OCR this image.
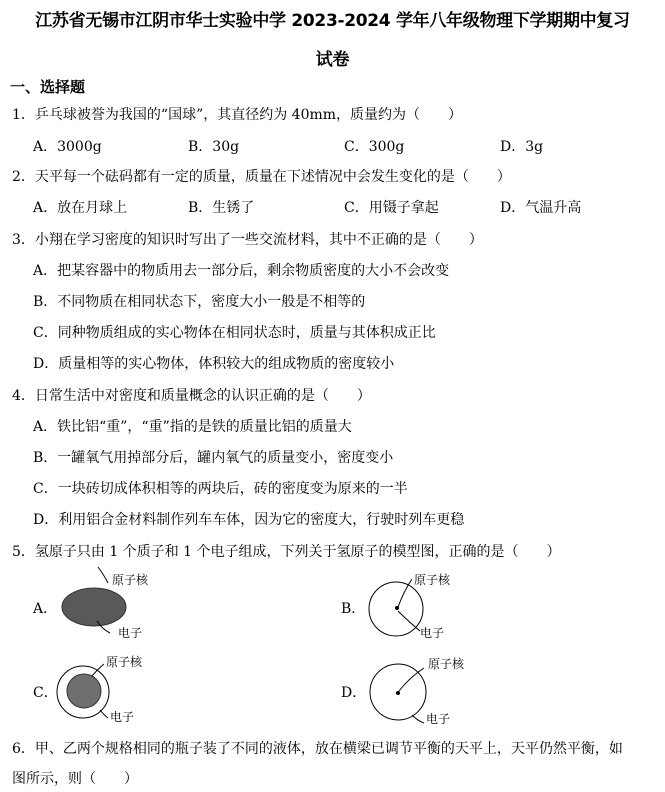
江苏省无锡市江阴市华士实验中学 2023-2024 学年八年级物理下学期期中复习
试卷
一、选择题
1．乒乓球被誉为我国的“国球”，其直径约为 40mm，质量约为（　　）
A．3000g	B．30g	C．300g	D．3g
2．天平每一个砝码都有一定的质量，质量在下述情况中会发生变化的是（　　）
A．放在月球上	B．生锈了	C．用镊子拿起	D．气温升高
3．小翔在学习密度的知识时写出了一些交流材料，其中不正确的是（　　）
A．把某容器中的物质用去一部分后，剩余物质密度的大小不会改变
B．不同物质在相同状态下，密度大小一般是不相等的
C．同种物质组成的实心物体在相同状态时，质量与其体积成正比
D．质量相等的实心物体，体积较大的组成物质的密度较小
4．日常生活中对密度和质量概念的认识正确的是（　　）
A．铁比铝“重”，“重”指的是铁的质量比铝的质量大
B．一罐氧气用掉部分后，罐内氧气的质量变小，密度变小
C．一块砖切成体积相等的两块后，砖的密度变为原来的一半
D．利用铝合金材料制作列车车体，因为它的密度大，行驶时列车更稳
5．氢原子只由 1 个质子和 1 个电子组成，下列关于氢原子的模型图，正确的是（　　）
A．	B．
C．	D．
原子核
电子
原子核
电子
原子核
电子
原子核
电子
6．甲、乙两个规格相同的瓶子装了不同的液体，放在横梁已调节平衡的天平上，天平仍然平衡，如
图所示，则（　　）
